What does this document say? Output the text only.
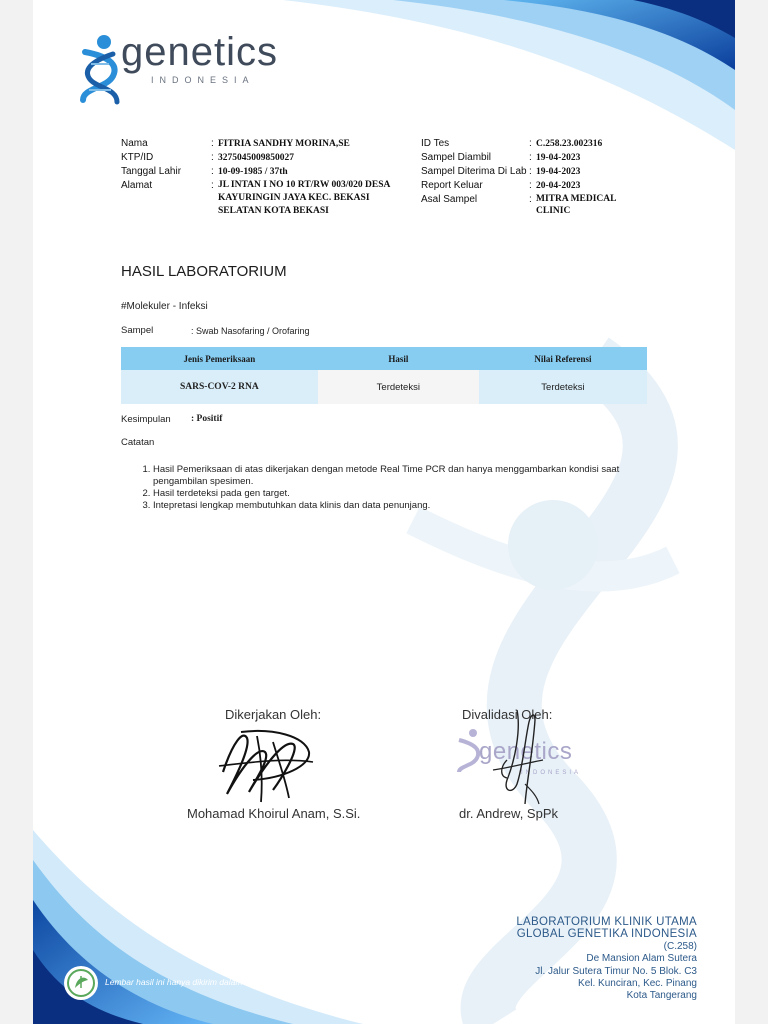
genetics
INDONESIA
Nama	: FITRIA SANDHY MORINA,SE
KTP/ID	: 3275045009850027
Tanggal Lahir	: 10-09-1985 / 37th
Alamat	: JL INTAN I NO 10 RT/RW 003/020 DESA KAYURINGIN JAYA KEC. BEKASI SELATAN KOTA BEKASI
ID Tes	: C.258.23.002316
Sampel Diambil	: 19-04-2023
Sampel Diterima Di Lab : 19-04-2023
Report Keluar	: 20-04-2023
Asal Sampel	: MITRA MEDICAL CLINIC
HASIL LABORATORIUM
#Molekuler - Infeksi
Sampel	: Swab Nasofaring / Orofaring
Jenis Pemeriksaan	Hasil	Nilai Referensi
SARS-COV-2 RNA	Terdeteksi	Terdeteksi
Kesimpulan : Positif
Catatan
1. Hasil Pemeriksaan di atas dikerjakan dengan metode Real Time PCR dan hanya menggambarkan kondisi saat pengambilan spesimen.
2. Hasil terdeteksi pada gen target.
3. Intepretasi lengkap membutuhkan data klinis dan data penunjang.
Dikerjakan Oleh:
Mohamad Khoirul Anam, S.Si.
Divalidasi Oleh:
genetics
INDONESIA
dr. Andrew, SpPk
Lembar hasil ini hanya dikirim dalam bentuk softcopy
LABORATORIUM KLINIK UTAMA
GLOBAL GENETIKA INDONESIA
(C.258)
De Mansion Alam Sutera
Jl. Jalur Sutera Timur No. 5 Blok. C3
Kel. Kunciran, Kec. Pinang
Kota Tangerang
